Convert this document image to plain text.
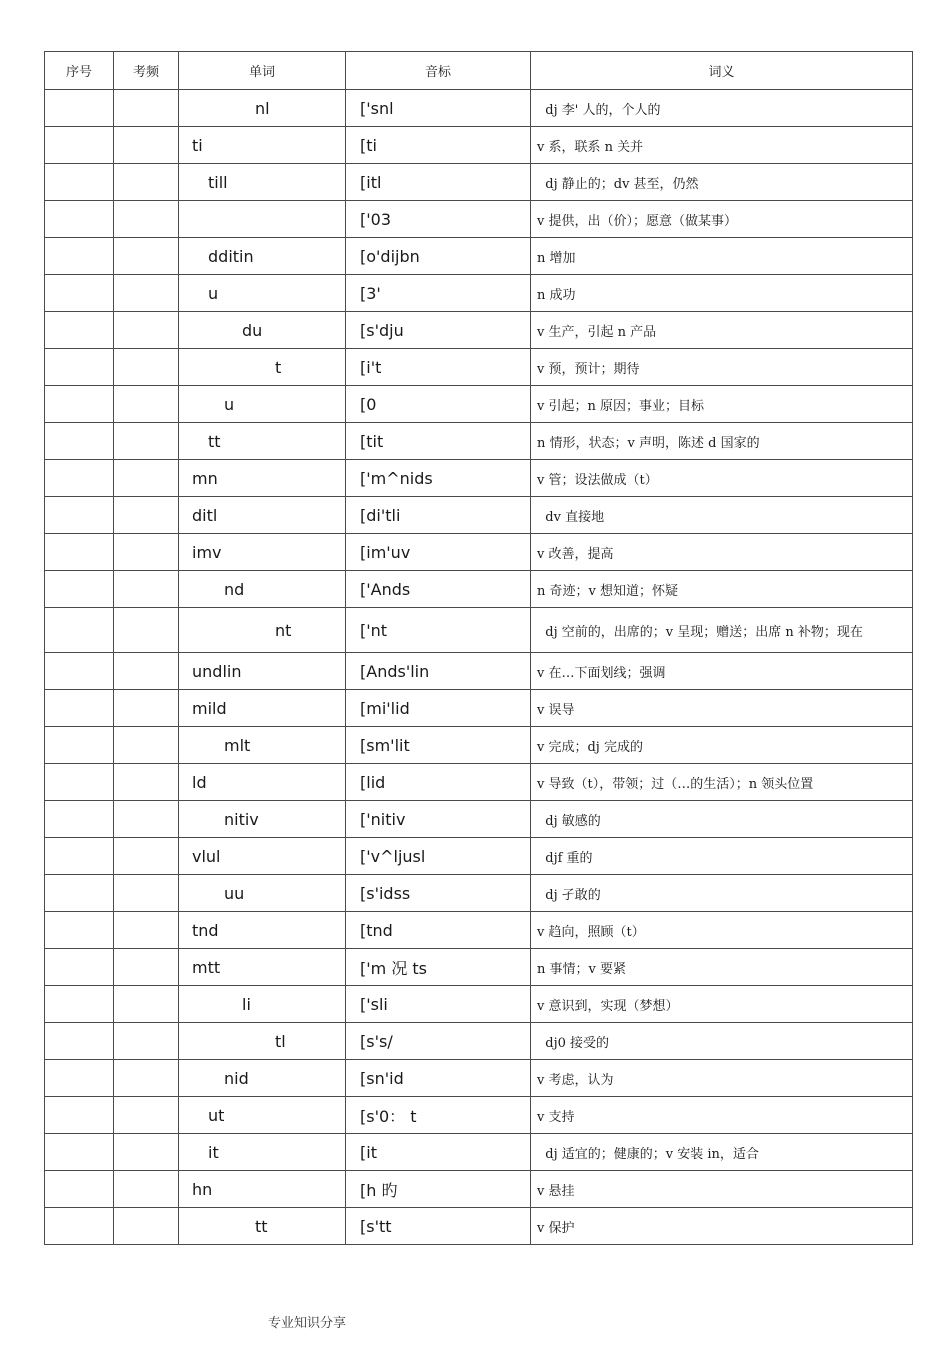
序号	考频	单词	音标	词义
		nl	['snl	dj 李' 人的，个人的
		ti	[ti	v 系，联系 n 关并
		till	[itl	dj 静止的；dv 甚至，仍然
			['03	v 提供，出（价）；愿意（做某事）
		dditin	[o'dijbn	n 增加
		u	[3'	n 成功
		du	[s'dju	v 生产，引起 n 产品
		t	[i't	v 预，预计；期待
		u	[0	v 引起；n 原因；事业；目标
		tt	[tit	n 情形，状态；v 声明，陈述 d 国家的
		mn	['m^nids	v 管；设法做成（t）
		ditl	[di'tli	dv 直接地
		imv	[im'uv	v 改善，提高
		nd	['Ands	n 奇迹；v 想知道；怀疑
		nt	['nt	dj 空前的，出席的；v 呈现；赠送；出席 n 补物；现在
		undlin	[Ands'lin	v 在…下面划线；强调
		mild	[mi'lid	v 误导
		mlt	[sm'lit	v 完成；dj 完成的
		ld	[lid	v 导致（t），带领；过（…的生活）；n 领头位置
		nitiv	['nitiv	dj 敏感的
		vlul	['v^ljusl	djf 重的
		uu	[s'idss	dj 孑敢的
		tnd	[tnd	v 趋向，照顾（t）
		mtt	['m 况 ts	n 事情；v 要紧
		li	['sli	v 意识到，实现（梦想）
		tl	[s's/	dj0 接受的
		nid	[sn'id	v 考虑，认为
		ut	[s'0： t	v 支持
		it	[it	dj 适宜的；健康的；v 安装 in，适合
		hn	[h 旳	v 悬挂
		tt	[s'tt	v 保护
专业知识分享
